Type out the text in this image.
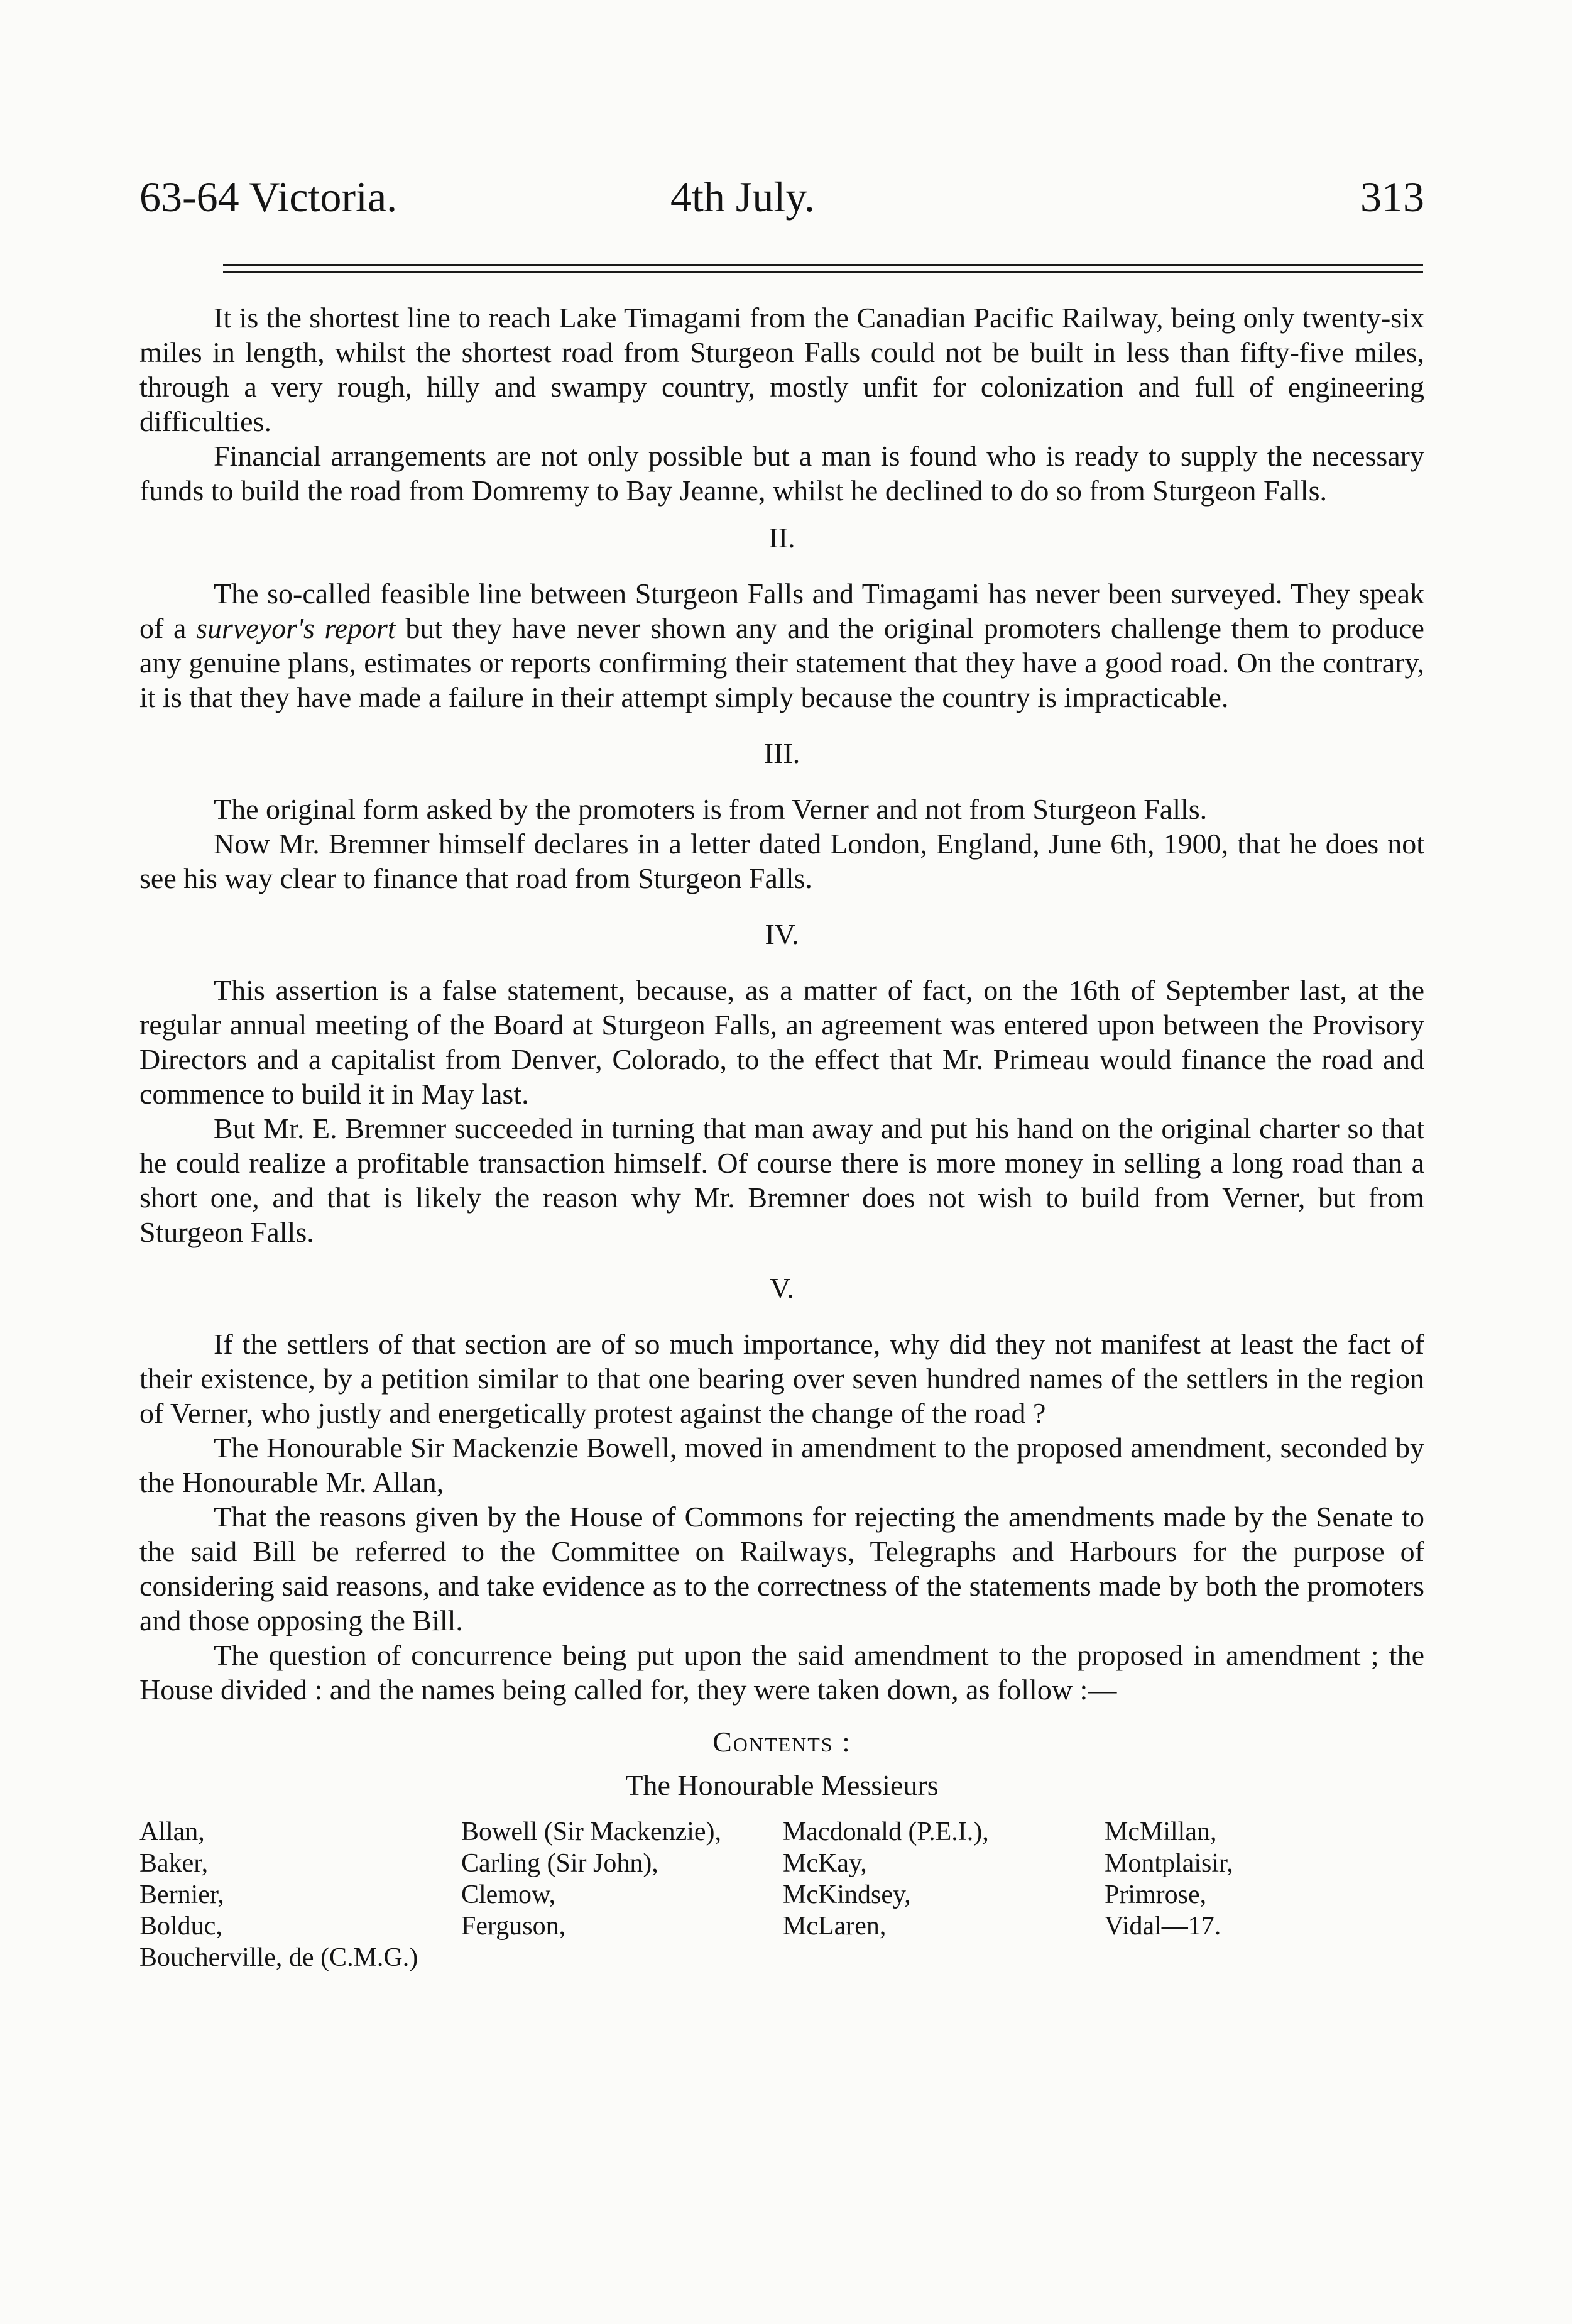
63-64 Victoria.	4th July.	313

It is the shortest line to reach Lake Timagami from the Canadian Pacific Railway, being only twenty-six miles in length, whilst the shortest road from Sturgeon Falls could not be built in less than fifty-five miles, through a very rough, hilly and swampy country, mostly unfit for colonization and full of engineering difficulties.

Financial arrangements are not only possible but a man is found who is ready to supply the necessary funds to build the road from Domremy to Bay Jeanne, whilst he declined to do so from Sturgeon Falls.

II.

The so-called feasible line between Sturgeon Falls and Timagami has never been surveyed. They speak of a surveyor's report but they have never shown any and the original promoters challenge them to produce any genuine plans, estimates or reports confirming their statement that they have a good road. On the contrary, it is that they have made a failure in their attempt simply because the country is impracticable.

III.

The original form asked by the promoters is from Verner and not from Sturgeon Falls.

Now Mr. Bremner himself declares in a letter dated London, England, June 6th, 1900, that he does not see his way clear to finance that road from Sturgeon Falls.

IV.

This assertion is a false statement, because, as a matter of fact, on the 16th of September last, at the regular annual meeting of the Board at Sturgeon Falls, an agreement was entered upon between the Provisory Directors and a capitalist from Denver, Colorado, to the effect that Mr. Primeau would finance the road and commence to build it in May last.

But Mr. E. Bremner succeeded in turning that man away and put his hand on the original charter so that he could realize a profitable transaction himself. Of course there is more money in selling a long road than a short one, and that is likely the reason why Mr. Bremner does not wish to build from Verner, but from Sturgeon Falls.

V.

If the settlers of that section are of so much importance, why did they not manifest at least the fact of their existence, by a petition similar to that one bearing over seven hundred names of the settlers in the region of Verner, who justly and energetically protest against the change of the road ?

The Honourable Sir Mackenzie Bowell, moved in amendment to the proposed amendment, seconded by the Honourable Mr. Allan,

That the reasons given by the House of Commons for rejecting the amendments made by the Senate to the said Bill be referred to the Committee on Railways, Telegraphs and Harbours for the purpose of considering said reasons, and take evidence as to the correctness of the statements made by both the promoters and those opposing the Bill.

The question of concurrence being put upon the said amendment to the proposed in amendment ; the House divided : and the names being called for, they were taken down, as follow :—

Contents :
The Honourable Messieurs
Allan,	Bowell (Sir Mackenzie),	Macdonald (P.E.I.),	McMillan,
Baker,	Carling (Sir John),	McKay,	Montplaisir,
Bernier,	Clemow,	McKindsey,	Primrose,
Bolduc,	Ferguson,	McLaren,	Vidal—17.
Boucherville, de (C.M.G.)
